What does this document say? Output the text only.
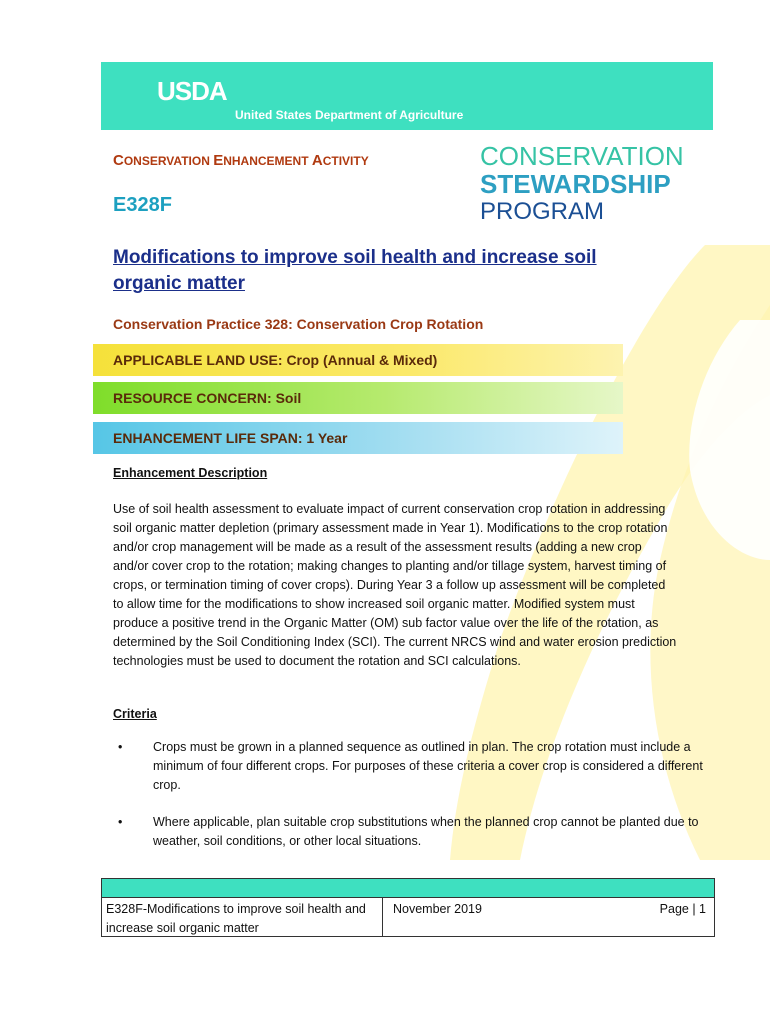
USDA
United States Department of Agriculture
CONSERVATION ENHANCEMENT ACTIVITY
E328F
CONSERVATION
STEWARDSHIP
PROGRAM
Modifications to improve soil health and increase soil organic matter
Conservation Practice 328: Conservation Crop Rotation
APPLICABLE LAND USE: Crop (Annual & Mixed)
RESOURCE CONCERN: Soil
ENHANCEMENT LIFE SPAN: 1 Year
Enhancement Description

Use of soil health assessment to evaluate impact of current conservation crop rotation in addressing soil organic matter depletion (primary assessment made in Year 1). Modifications to the crop rotation and/or crop management will be made as a result of the assessment results (adding a new crop and/or cover crop to the rotation; making changes to planting and/or tillage system, harvest timing of crops, or termination timing of cover crops). During Year 3 a follow up assessment will be completed to allow time for the modifications to show increased soil organic matter. Modified system must produce a positive trend in the Organic Matter (OM) sub factor value over the life of the rotation, as determined by the Soil Conditioning Index (SCI). The current NRCS wind and water erosion prediction technologies must be used to document the rotation and SCI calculations.

Criteria
• Crops must be grown in a planned sequence as outlined in plan. The crop rotation must include a minimum of four different crops. For purposes of these criteria a cover crop is considered a different crop.
• Where applicable, plan suitable crop substitutions when the planned crop cannot be planted due to weather, soil conditions, or other local situations.
E328F-Modifications to improve soil health and increase soil organic matter
November 2019	Page | 1
